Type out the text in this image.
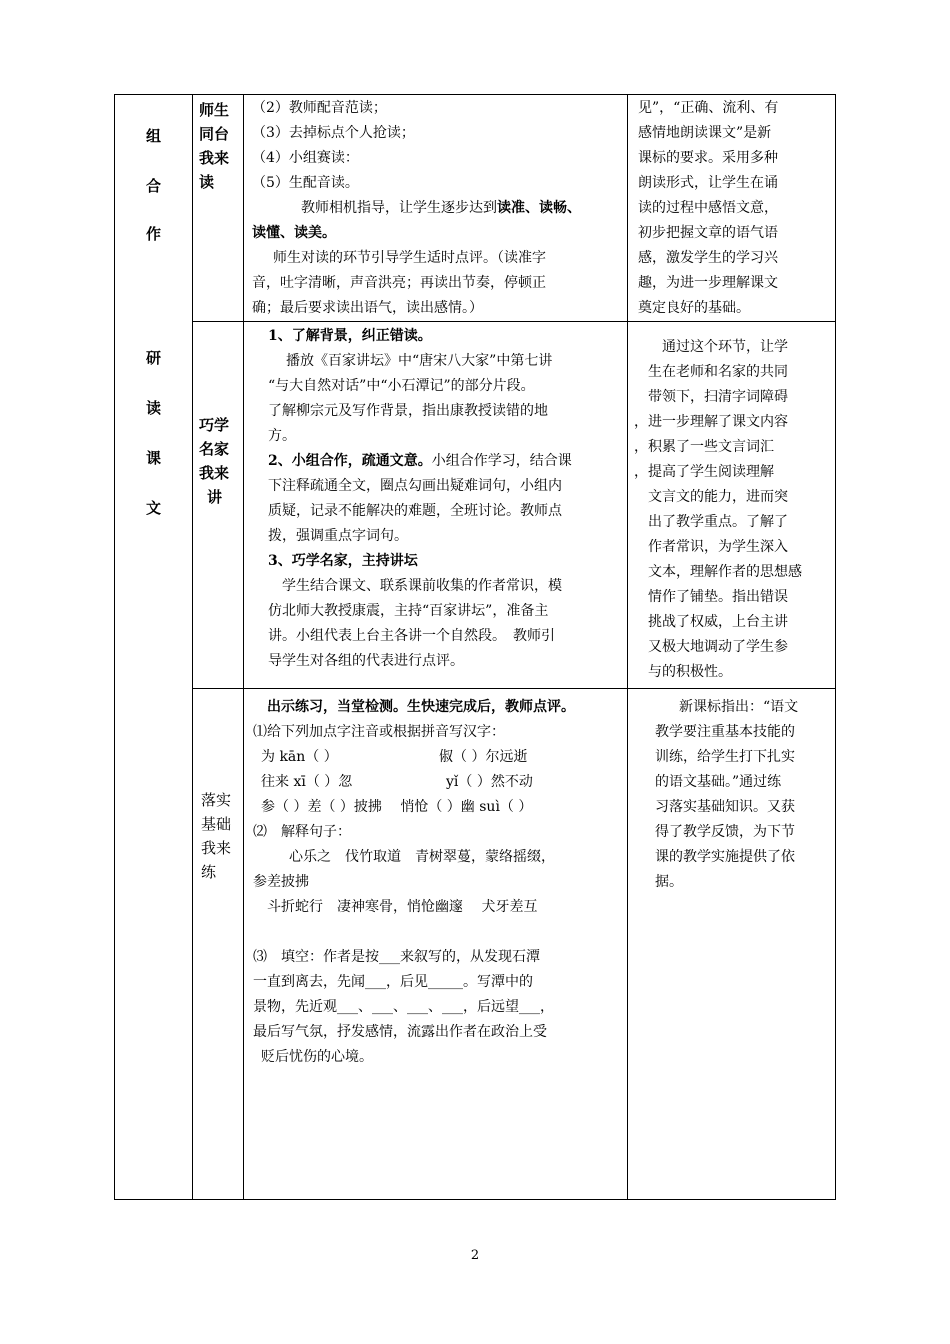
组
合
作
研
读
课
文
师生
同台
我来
读
（2）教师配音范读；
（3）去掉标点个人抢读；
（4）小组赛读：
（5）生配音读。
教师相机指导，让学生逐步达到读准、读畅、
读懂、读美。
师生对读的环节引导学生适时点评。（读准字
音，吐字清晰，声音洪亮；再读出节奏，停顿正
确；最后要求读出语气，读出感情。）
见”，“正确、流利、有
感情地朗读课文”是新
课标的要求。采用多种
朗读形式，让学生在诵
读的过程中感悟文意，
初步把握文章的语气语
感，激发学生的学习兴
趣，为进一步理解课文
奠定良好的基础。
巧学
名家
我来
讲
1、了解背景，纠正错读。
播放《百家讲坛》中“唐宋八大家”中第七讲
“与大自然对话”中“小石潭记”的部分片段。
了解柳宗元及写作背景，指出康教授读错的地
方。
2、小组合作，疏通文意。小组合作学习，结合课
下注释疏通全文，圈点勾画出疑难词句，小组内
质疑，记录不能解决的难题，全班讨论。教师点
拨，强调重点字词句。
3、巧学名家，主持讲坛
学生结合课文、联系课前收集的作者常识，模
仿北师大教授康震，主持“百家讲坛”，准备主
讲。小组代表上台主各讲一个自然段。　教师引
导学生对各组的代表进行点评。
通过这个环节，让学
生在老师和名家的共同
带领下，扫清字词障碍
，进一步理解了课文内容
，积累了一些文言词汇
，提高了学生阅读理解
文言文的能力，进而突
出了教学重点。了解了
作者常识，为学生深入
文本，理解作者的思想感
情作了铺垫。指出错误
挑战了权威，上台主讲
又极大地调动了学生参
与的积极性。
落实
基础
我来
练
出示练习，当堂检测。生快速完成后，教师点评。
⑴给下列加点字注音或根据拼音写汉字：
为 kān（ ）	俶（ ）尔远逝
往来 xī（ ）忽	yǐ（ ）然不动
参（ ）差（ ）披拂　 悄怆（ ）幽 suì（ ）
⑵　解释句子：
心乐之　伐竹取道　青树翠蔓，蒙络摇缀，
参差披拂
斗折蛇行　凄神寒骨，悄怆幽邃　 犬牙差互
⑶　填空：作者是按___来叙写的，从发现石潭
一直到离去，先闻___，后见_____。写潭中的
景物，先近观___、___、___、___，后远望___，
最后写气氛，抒发感情，流露出作者在政治上受
贬后忧伤的心境。
新课标指出：“语文
教学要注重基本技能的
训练，给学生打下扎实
的语文基础。”通过练
习落实基础知识。又获
得了教学反馈，为下节
课的教学实施提供了依
据。
2
